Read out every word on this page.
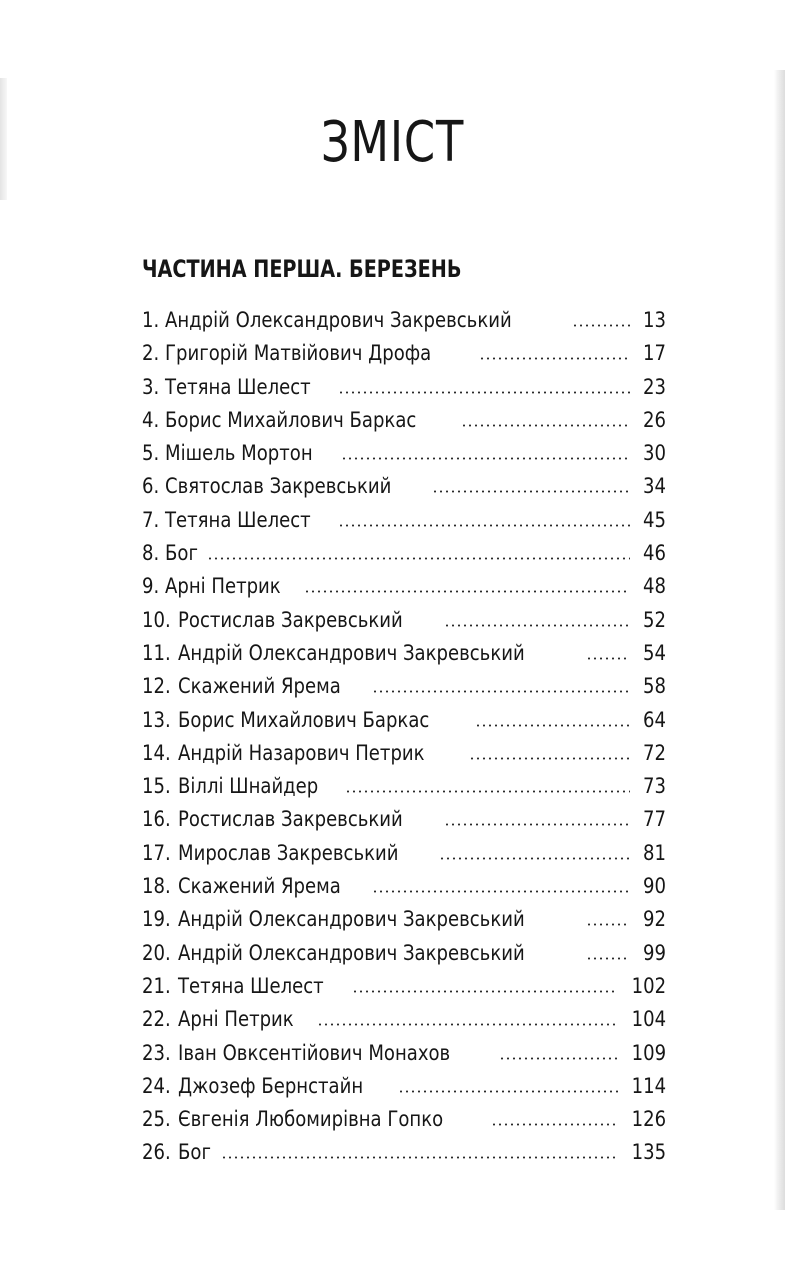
ЗМІСТ
ЧАСТИНА ПЕРША. БЕРЕЗЕНЬ
1. Андрій Олександрович Закревський	13
2. Григорій Матвійович Дрофа	17
3. Тетяна Шелест	23
4. Борис Михайлович Баркас	26
5. Мішель Мортон	30
6. Святослав Закревський	34
7. Тетяна Шелест	45
8. Бог	46
9. Арні Петрик	48
10. Ростислав Закревський	52
11. Андрій Олександрович Закревський	54
12. Скажений Ярема	58
13. Борис Михайлович Баркас	64
14. Андрій Назарович Петрик	72
15. Віллі Шнайдер	73
16. Ростислав Закревський	77
17. Мирослав Закревський	81
18. Скажений Ярема	90
19. Андрій Олександрович Закревський	92
20. Андрій Олександрович Закревський	99
21. Тетяна Шелест	102
22. Арні Петрик	104
23. Іван Овксентійович Монахов	109
24. Джозеф Бернстайн	114
25. Євгенія Любомирівна Гопко	126
26. Бог	135
